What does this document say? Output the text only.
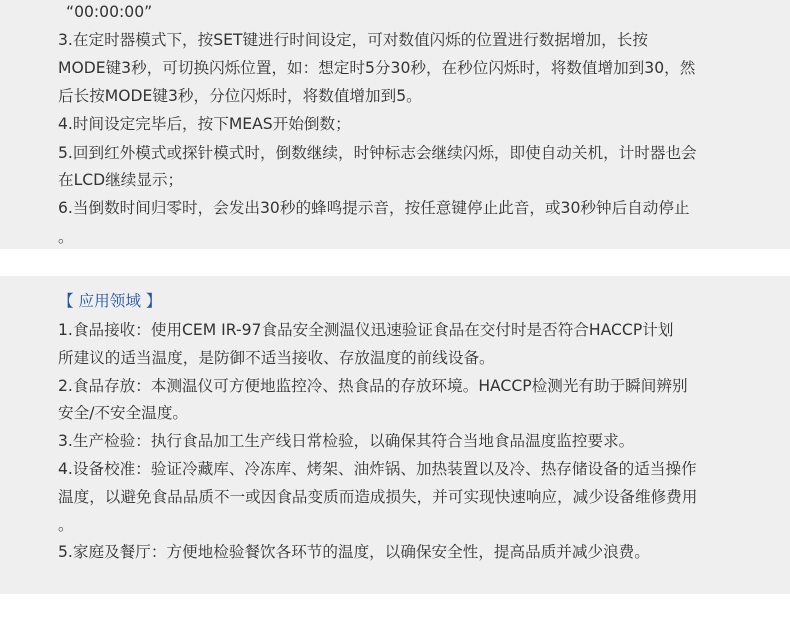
“00:00:00”
3.在定时器模式下，按SET键进行时间设定，可对数值闪烁的位置进行数据增加，长按
MODE键3秒，可切换闪烁位置，如：想定时5分30秒，在秒位闪烁时，将数值增加到30，然
后长按MODE键3秒，分位闪烁时，将数值增加到5。
4.时间设定完毕后，按下MEAS开始倒数；
5.回到红外模式或探针模式时，倒数继续，时钟标志会继续闪烁，即使自动关机，计时器也会
在LCD继续显示；
6.当倒数时间归零时，会发出30秒的蜂鸣提示音，按任意键停止此音，或30秒钟后自动停止
。
【 应用领域 】
1.食品接收：使用CEM IR-97食品安全测温仪迅速验证食品在交付时是否符合HACCP计划
所建议的适当温度，是防御不适当接收、存放温度的前线设备。
2.食品存放：本测温仪可方便地监控冷、热食品的存放环境。HACCP检测光有助于瞬间辨别
安全/不安全温度。
3.生产检验：执行食品加工生产线日常检验，以确保其符合当地食品温度监控要求。
4.设备校准：验证冷藏库、冷冻库、烤架、油炸锅、加热装置以及冷、热存储设备的适当操作
温度，以避免食品品质不一或因食品变质而造成损失，并可实现快速响应，减少设备维修费用
。
5.家庭及餐厅：方便地检验餐饮各环节的温度，以确保安全性，提高品质并减少浪费。
